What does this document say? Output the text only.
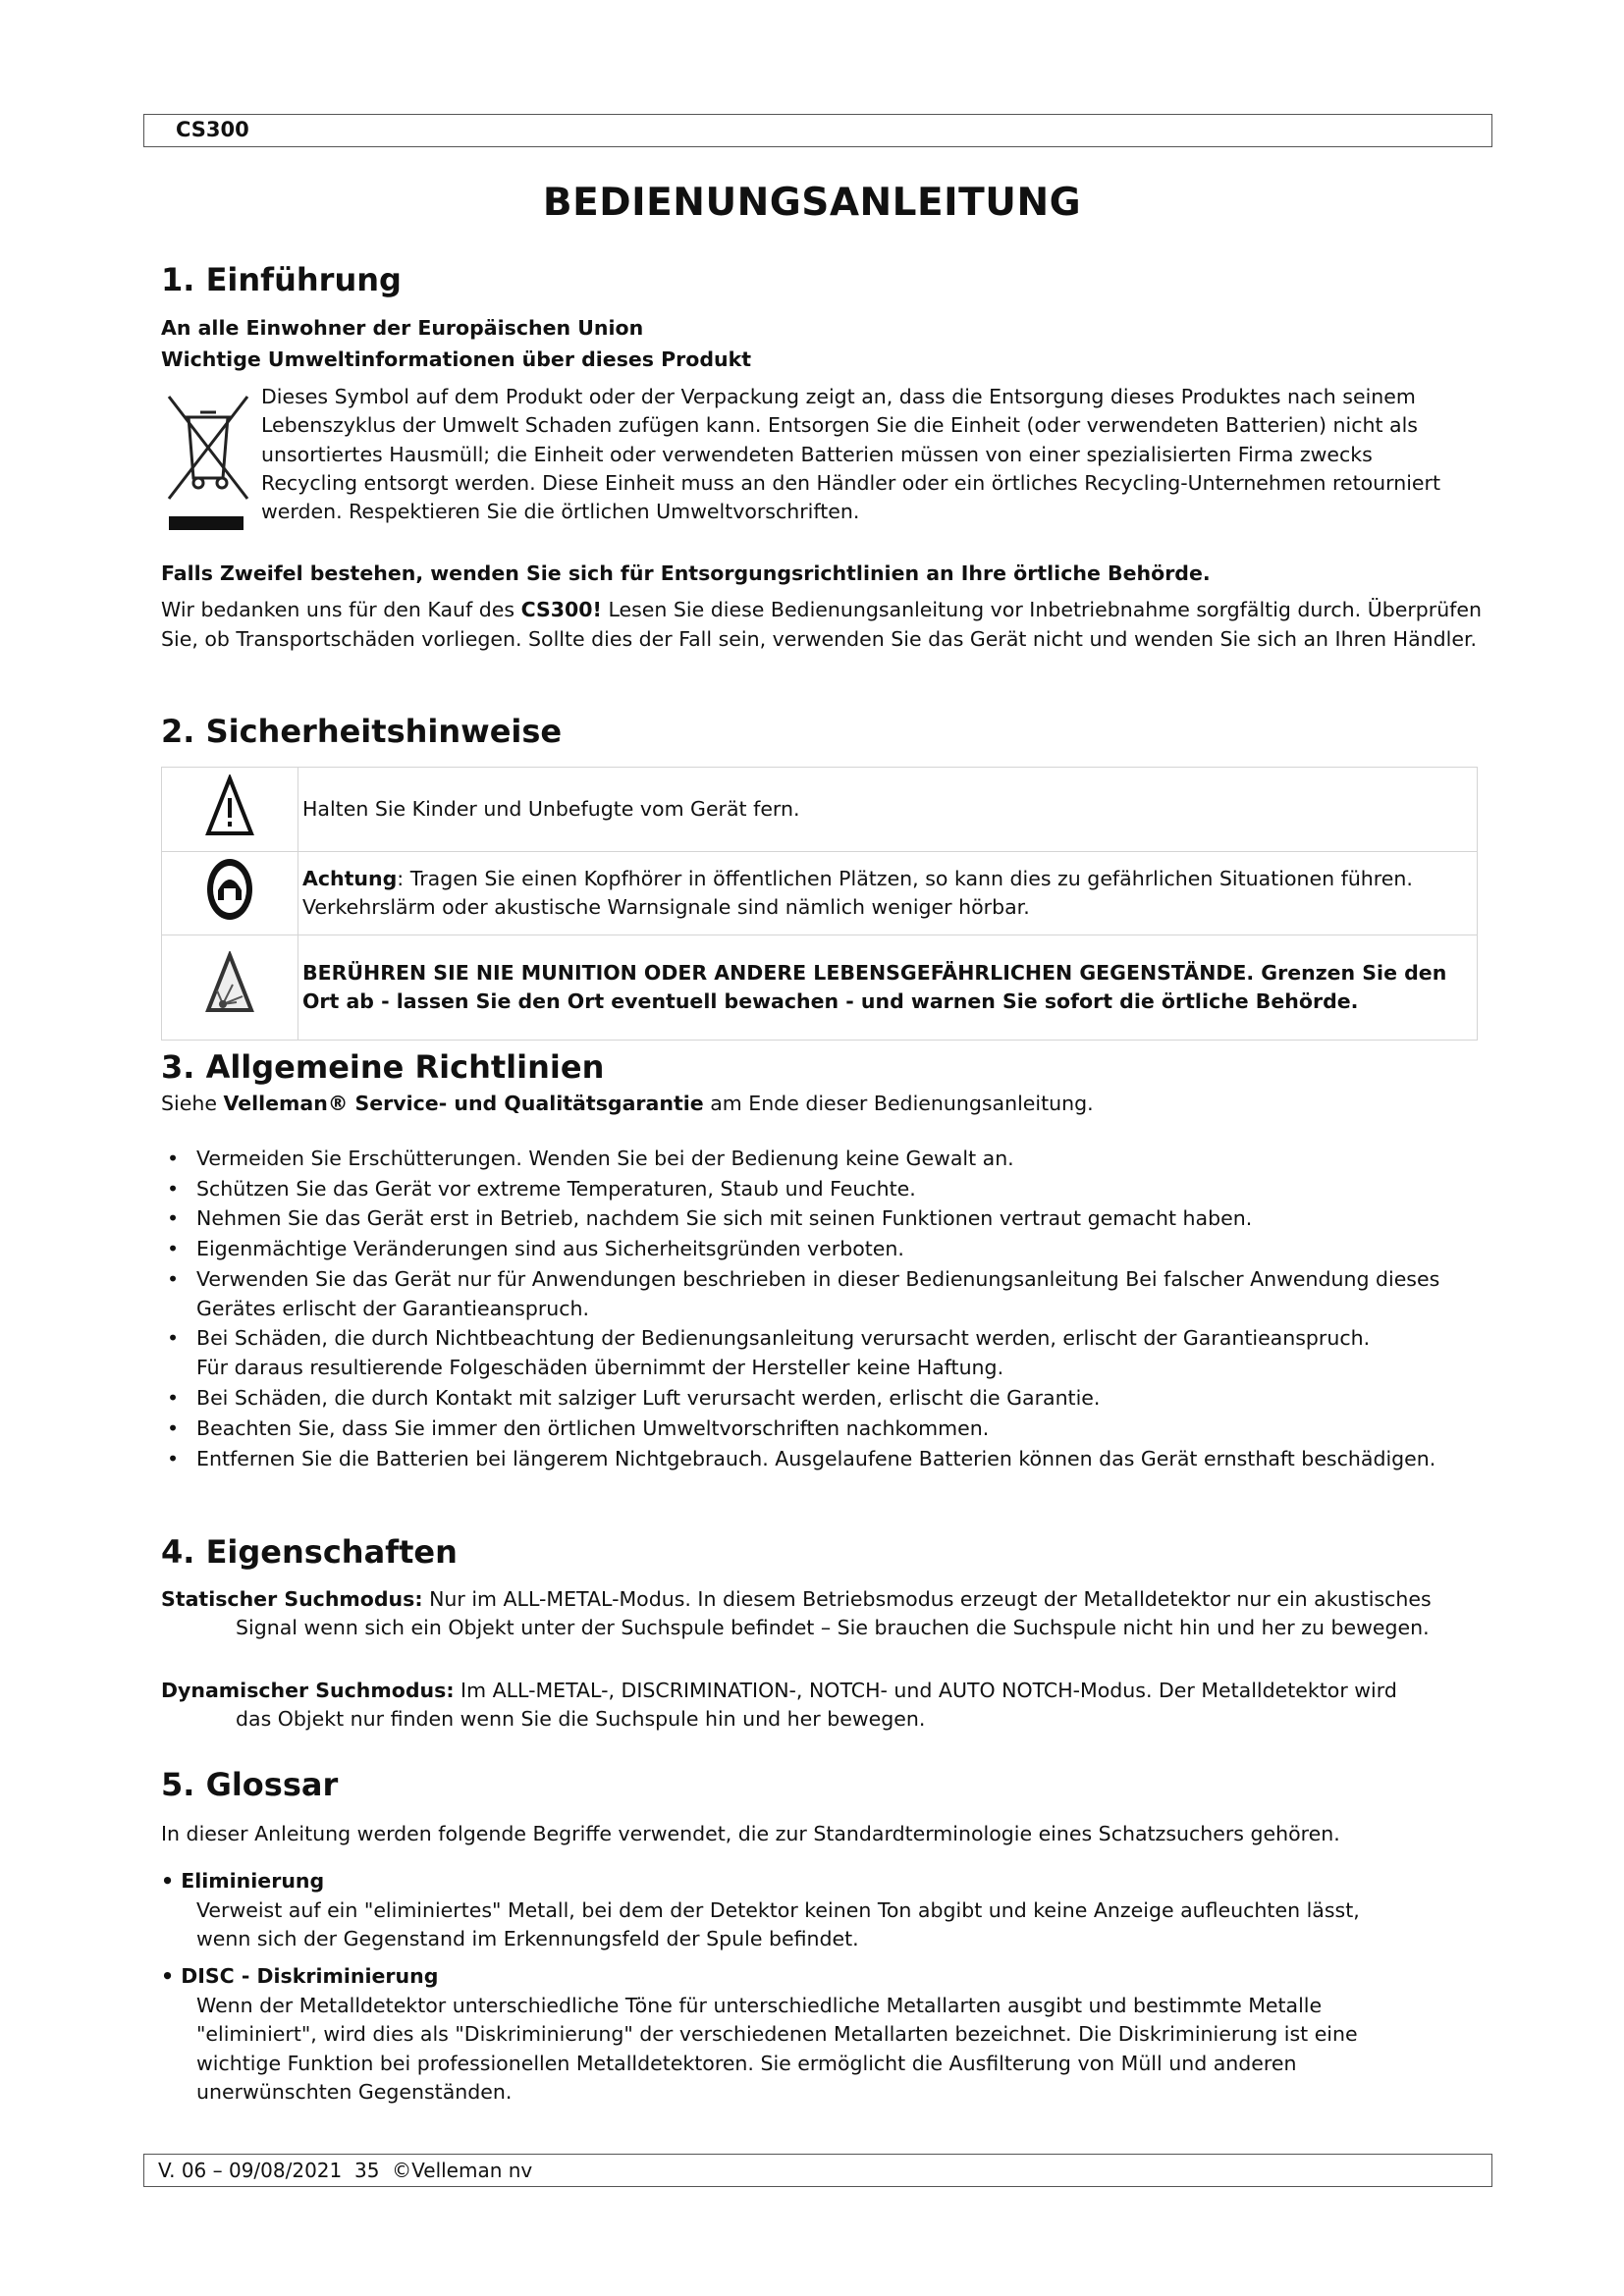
CS300
BEDIENUNGSANLEITUNG
1. Einführung
An alle Einwohner der Europäischen Union
Wichtige Umweltinformationen über dieses Produkt
Dieses Symbol auf dem Produkt oder der Verpackung zeigt an, dass die Entsorgung dieses Produktes nach seinem Lebenszyklus der Umwelt Schaden zufügen kann. Entsorgen Sie die Einheit (oder verwendeten Batterien) nicht als unsortiertes Hausmüll; die Einheit oder verwendeten Batterien müssen von einer spezialisierten Firma zwecks Recycling entsorgt werden. Diese Einheit muss an den Händler oder ein örtliches Recycling-Unternehmen retourniert werden. Respektieren Sie die örtlichen Umweltvorschriften.
Falls Zweifel bestehen, wenden Sie sich für Entsorgungsrichtlinien an Ihre örtliche Behörde.
Wir bedanken uns für den Kauf des CS300! Lesen Sie diese Bedienungsanleitung vor Inbetriebnahme sorgfältig durch. Überprüfen Sie, ob Transportschäden vorliegen. Sollte dies der Fall sein, verwenden Sie das Gerät nicht und wenden Sie sich an Ihren Händler.
2. Sicherheitshinweise
	Halten Sie Kinder und Unbefugte vom Gerät fern.
	Achtung: Tragen Sie einen Kopfhörer in öffentlichen Plätzen, so kann dies zu gefährlichen Situationen führen. Verkehrslärm oder akustische Warnsignale sind nämlich weniger hörbar.
	BERÜHREN SIE NIE MUNITION ODER ANDERE LEBENSGEFÄHRLICHEN GEGENSTÄNDE. Grenzen Sie den Ort ab - lassen Sie den Ort eventuell bewachen - und warnen Sie sofort die örtliche Behörde.
3. Allgemeine Richtlinien
Siehe Velleman® Service- und Qualitätsgarantie am Ende dieser Bedienungsanleitung.
• Vermeiden Sie Erschütterungen. Wenden Sie bei der Bedienung keine Gewalt an.
• Schützen Sie das Gerät vor extreme Temperaturen, Staub und Feuchte.
• Nehmen Sie das Gerät erst in Betrieb, nachdem Sie sich mit seinen Funktionen vertraut gemacht haben.
• Eigenmächtige Veränderungen sind aus Sicherheitsgründen verboten.
• Verwenden Sie das Gerät nur für Anwendungen beschrieben in dieser Bedienungsanleitung Bei falscher Anwendung dieses Gerätes erlischt der Garantieanspruch.
• Bei Schäden, die durch Nichtbeachtung der Bedienungsanleitung verursacht werden, erlischt der Garantieanspruch. Für daraus resultierende Folgeschäden übernimmt der Hersteller keine Haftung.
• Bei Schäden, die durch Kontakt mit salziger Luft verursacht werden, erlischt die Garantie.
• Beachten Sie, dass Sie immer den örtlichen Umweltvorschriften nachkommen.
• Entfernen Sie die Batterien bei längerem Nichtgebrauch. Ausgelaufene Batterien können das Gerät ernsthaft beschädigen.
4. Eigenschaften
Statischer Suchmodus: Nur im ALL-METAL-Modus. In diesem Betriebsmodus erzeugt der Metalldetektor nur ein akustisches Signal wenn sich ein Objekt unter der Suchspule befindet – Sie brauchen die Suchspule nicht hin und her zu bewegen.
Dynamischer Suchmodus: Im ALL-METAL-, DISCRIMINATION-, NOTCH- und AUTO NOTCH-Modus. Der Metalldetektor wird das Objekt nur finden wenn Sie die Suchspule hin und her bewegen.
5. Glossar
In dieser Anleitung werden folgende Begriffe verwendet, die zur Standardterminologie eines Schatzsuchers gehören.
• Eliminierung
Verweist auf ein "eliminiertes" Metall, bei dem der Detektor keinen Ton abgibt und keine Anzeige aufleuchten lässt, wenn sich der Gegenstand im Erkennungsfeld der Spule befindet.
• DISC - Diskriminierung
Wenn der Metalldetektor unterschiedliche Töne für unterschiedliche Metallarten ausgibt und bestimmte Metalle "eliminiert", wird dies als "Diskriminierung" der verschiedenen Metallarten bezeichnet. Die Diskriminierung ist eine wichtige Funktion bei professionellen Metalldetektoren. Sie ermöglicht die Ausfilterung von Müll und anderen unerwünschten Gegenständen.
V. 06 – 09/08/2021  35  ©Velleman nv
